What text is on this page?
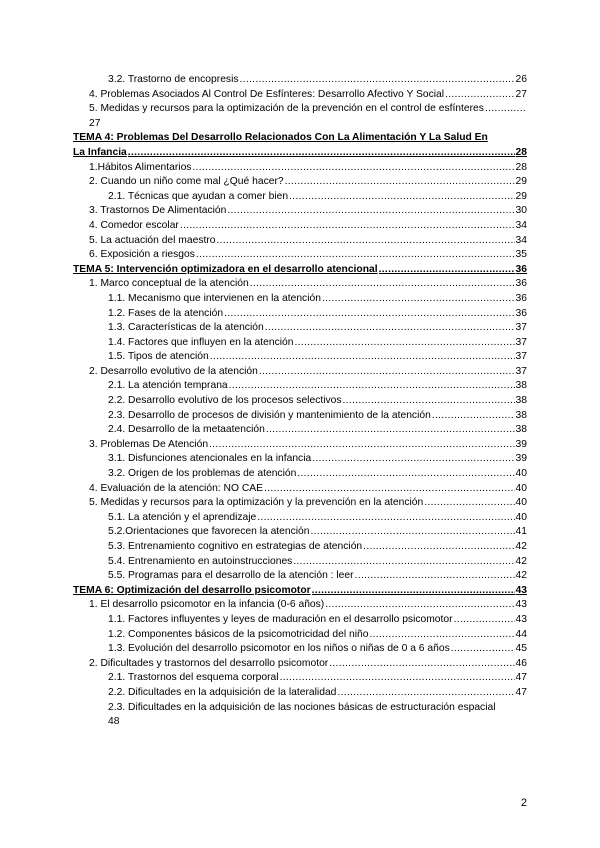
3.2. Trastorno de encopresis .....	26
4. Problemas Asociados Al Control De Esfínteres: Desarrollo Afectivo Y Social .....	27
5. Medidas y recursos para la optimización de la prevención en el control de esfínteres
.....
27
TEMA 4: Problemas Del Desarrollo Relacionados Con La Alimentación Y La Salud En
La Infancia .....	28
1.Hábitos Alimentarios .....	28
2. Cuando un niño come mal ¿Qué hacer? .....	29
2.1. Técnicas que ayudan a comer bien .....	29
3. Trastornos De Alimentación .....	30
4. Comedor escolar .....	34
5. La actuación del maestro .....	34
6. Exposición a riesgos .....	35
TEMA 5: Intervención optimizadora en el desarrollo atencional .....	36
1. Marco conceptual de la atención .....	36
1.1. Mecanismo que intervienen en la atención .....	36
1.2. Fases de la atención .....	36
1.3. Características de la atención .....	37
1.4. Factores que influyen en la atención .....	37
1.5. Tipos de atención .....	37
2. Desarrollo evolutivo de la atención .....	37
2.1. La atención temprana .....	38
2.2. Desarrollo evolutivo de los procesos selectivos .....	38
2.3. Desarrollo de procesos de división y mantenimiento de la atención .....	38
2.4. Desarrollo de la metaatención .....	38
3. Problemas De Atención .....	39
3.1. Disfunciones atencionales en la infancia .....	39
3.2. Origen de los problemas de atención .....	40
4. Evaluación de la atención: NO CAE .....	40
5. Medidas y recursos para la optimización y la prevención en la atención .....	40
5.1. La atención y el aprendizaje .....	40
5.2.Orientaciones que favorecen la atención .....	41
5.3. Entrenamiento cognitivo en estrategias de atención .....	42
5.4. Entrenamiento en autoinstrucciones .....	42
5.5. Programas para el desarrollo de la atención : leer .....	42
TEMA 6: Optimización del desarrollo psicomotor .....	43
1. El desarrollo psicomotor en la infancia (0-6 años) .....	43
1.1. Factores influyentes y leyes de maduración en el desarrollo psicomotor .....	43
1.2. Componentes básicos de la psicomotricidad del niño .....	44
1.3. Evolución del desarrollo psicomotor en los niños o niñas de 0 a 6 años .....	45
2. Dificultades y trastornos del desarrollo psicomotor .....	46
2.1. Trastornos del esquema corporal .....	47
2.2. Dificultades en la adquisición de la lateralidad .....	47
2.3. Dificultades en la adquisición de las nociones básicas de estructuración espacial
48
2
